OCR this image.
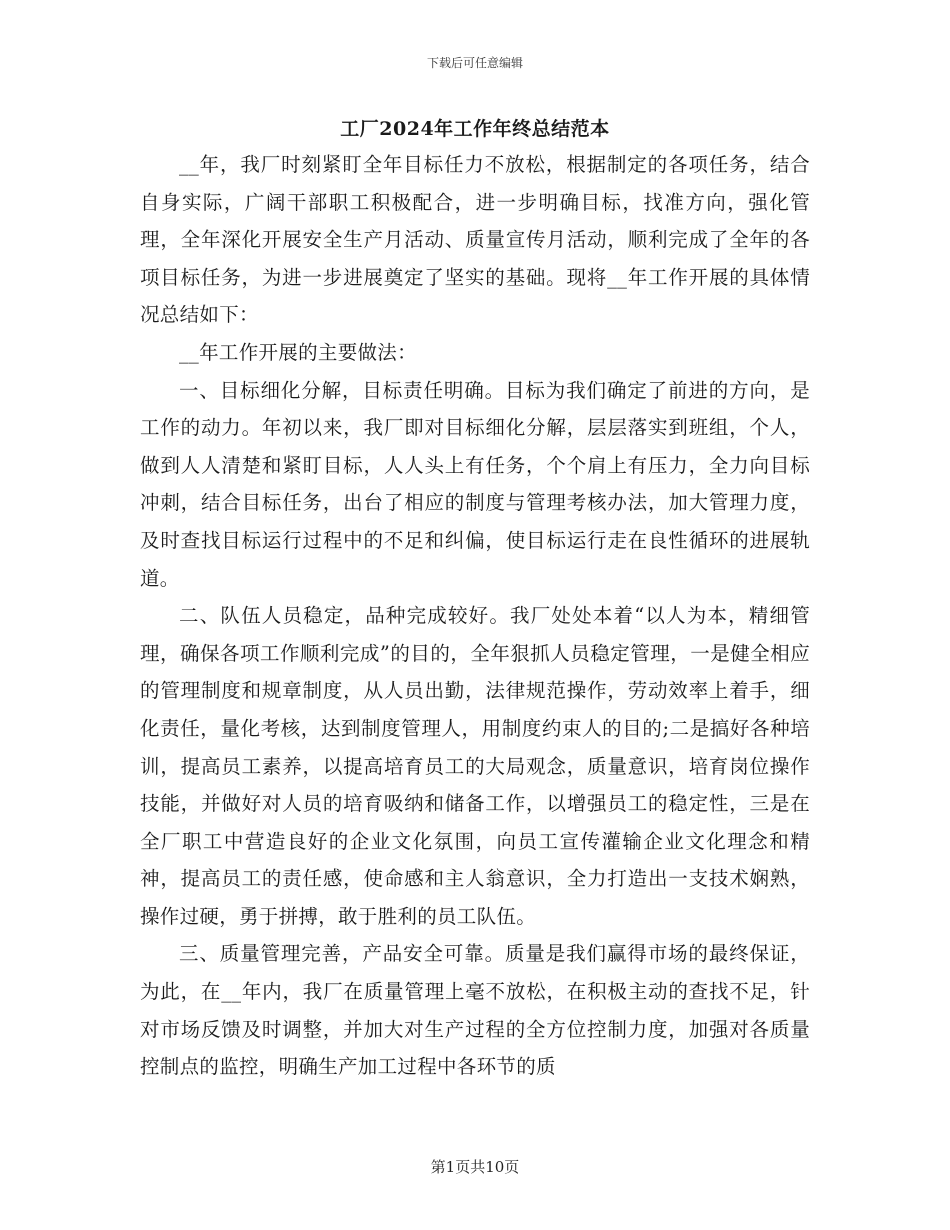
下载后可任意编辑
工厂2024年工作年终总结范本

__年，我厂时刻紧盯全年目标任力不放松，根据制定的各项任务，结合自身实际，广阔干部职工积极配合，进一步明确目标，找准方向，强化管理，全年深化开展安全生产月活动、质量宣传月活动，顺利完成了全年的各项目标任务，为进一步进展奠定了坚实的基础。现将__年工作开展的具体情况总结如下：

__年工作开展的主要做法：

一、目标细化分解，目标责任明确。目标为我们确定了前进的方向，是工作的动力。年初以来，我厂即对目标细化分解，层层落实到班组，个人，做到人人清楚和紧盯目标，人人头上有任务，个个肩上有压力，全力向目标冲刺，结合目标任务，出台了相应的制度与管理考核办法，加大管理力度，及时查找目标运行过程中的不足和纠偏，使目标运行走在良性循环的进展轨道。

二、队伍人员稳定，品种完成较好。我厂处处本着“以人为本，精细管理，确保各项工作顺利完成”的目的，全年狠抓人员稳定管理，一是健全相应的管理制度和规章制度，从人员出勤，法律规范操作，劳动效率上着手，细化责任，量化考核，达到制度管理人，用制度约束人的目的;二是搞好各种培训，提高员工素养，以提高培育员工的大局观念，质量意识，培育岗位操作技能，并做好对人员的培育吸纳和储备工作，以增强员工的稳定性，三是在全厂职工中营造良好的企业文化氛围，向员工宣传灌输企业文化理念和精神，提高员工的责任感，使命感和主人翁意识，全力打造出一支技术娴熟，操作过硬，勇于拼搏，敢于胜利的员工队伍。

三、质量管理完善，产品安全可靠。质量是我们赢得市场的最终保证，为此，在__年内，我厂在质量管理上毫不放松，在积极主动的查找不足，针对市场反馈及时调整，并加大对生产过程的全方位控制力度，加强对各质量控制点的监控，明确生产加工过程中各环节的质

第1页共10页
